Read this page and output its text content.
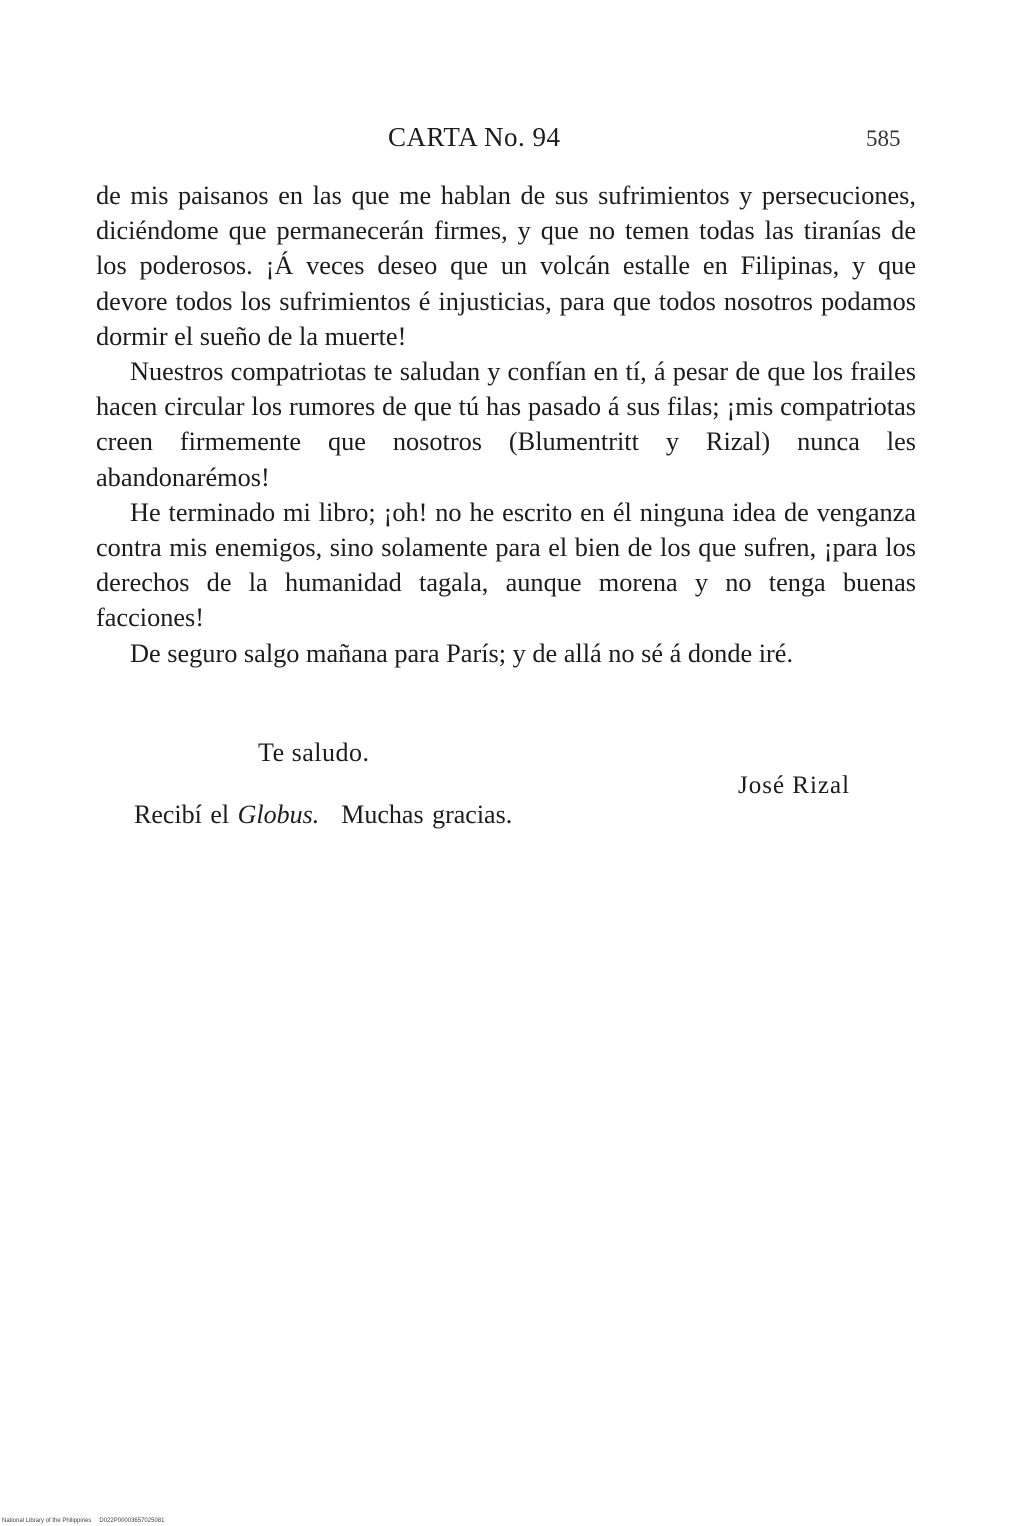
CARTA No. 94	585

de mis paisanos en las que me hablan de sus sufrimientos y persecuciones, diciéndome que permanecerán firmes, y que no temen todas las tiranías de los poderosos. ¡Á veces deseo que un volcán estalle en Filipinas, y que devore todos los sufrimientos é injusticias, para que todos nosotros podamos dormir el sueño de la muerte!

Nuestros compatriotas te saludan y confían en tí, á pesar de que los frailes hacen circular los rumores de que tú has pasado á sus filas; ¡mis compatriotas creen firmemente que nosotros (Blumentritt y Rizal) nunca les abandonarémos!

He terminado mi libro; ¡oh! no he escrito en él ninguna idea de venganza contra mis enemigos, sino solamente para el bien de los que sufren, ¡para los derechos de la humanidad tagala, aunque morena y no tenga buenas facciones!

De seguro salgo mañana para París; y de allá no sé á donde iré.

Te saludo.
José Rizal
Recibí el Globus. Muchas gracias.
National Library of the Philippines D022P00003657025081
